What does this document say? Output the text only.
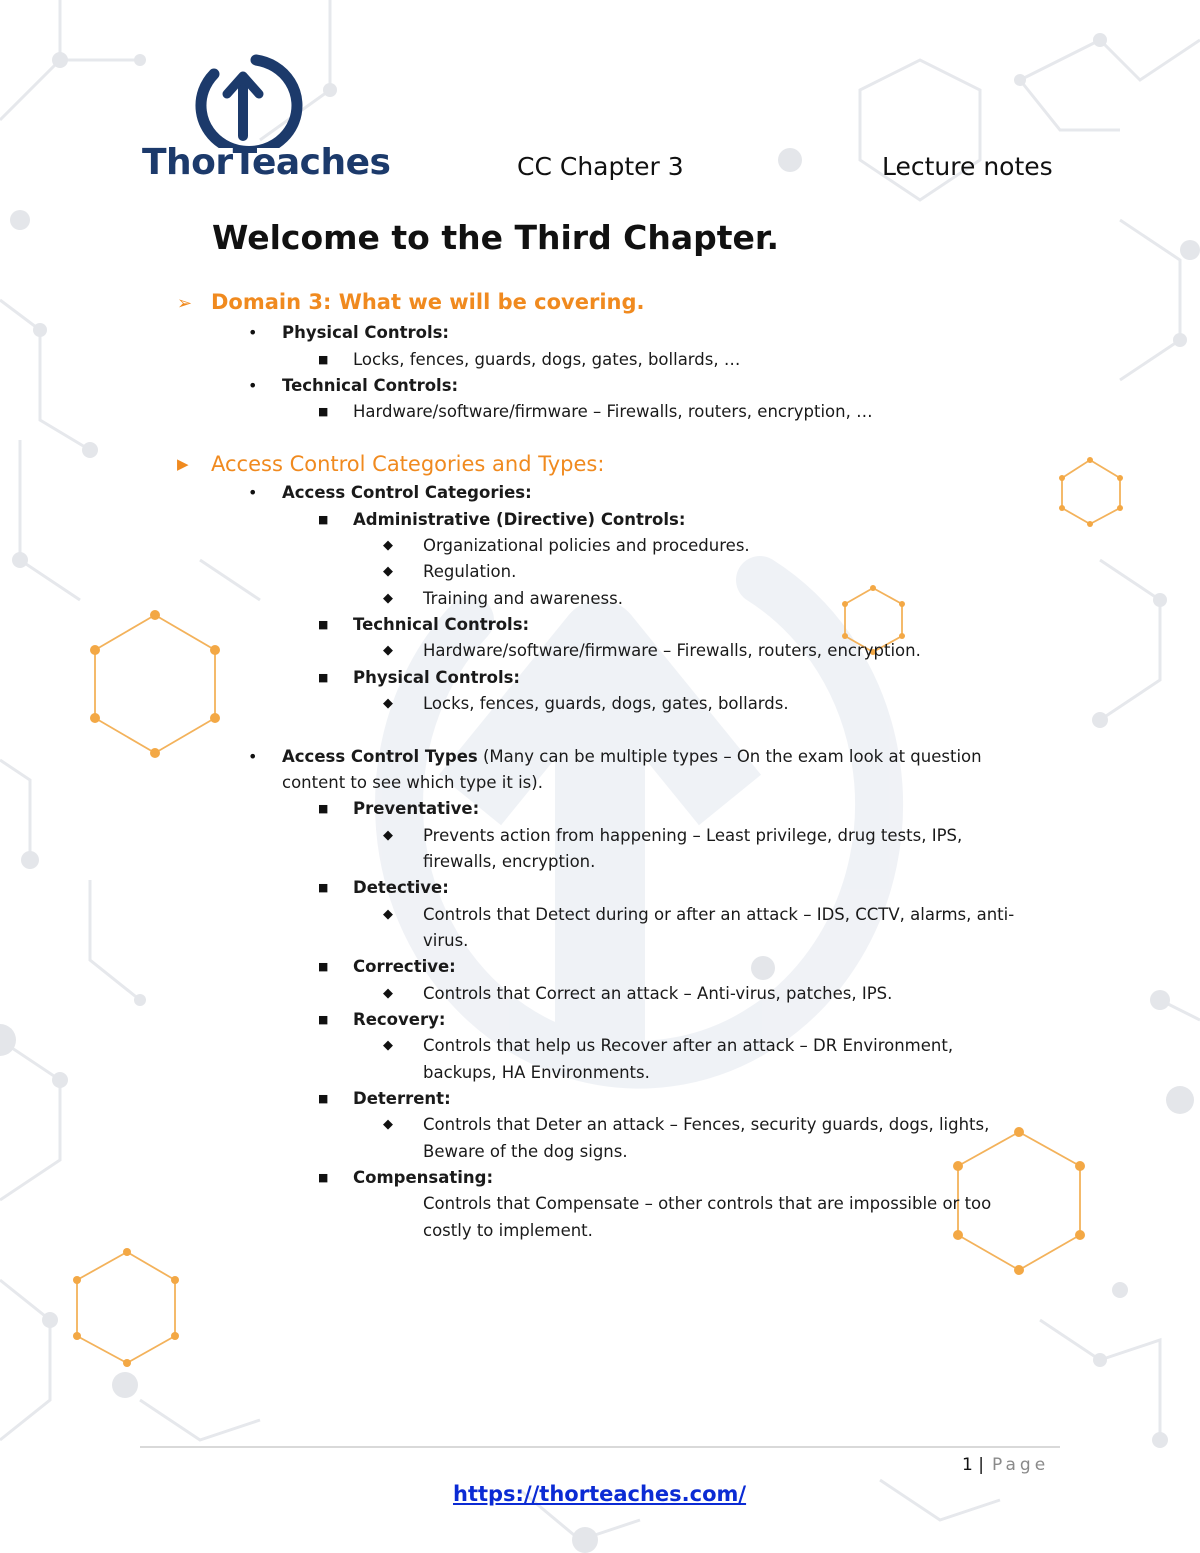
ThorTeaches	CC Chapter 3	Lecture notes
Welcome to the Third Chapter.
➢ Domain 3: What we will be covering.
• Physical Controls:
■ Locks, fences, guards, dogs, gates, bollards, …
• Technical Controls:
■ Hardware/software/firmware – Firewalls, routers, encryption, …
▶ Access Control Categories and Types:
• Access Control Categories:
■ Administrative (Directive) Controls:
◆ Organizational policies and procedures.
◆ Regulation.
◆ Training and awareness.
■ Technical Controls:
◆ Hardware/software/firmware – Firewalls, routers, encryption.
■ Physical Controls:
◆ Locks, fences, guards, dogs, gates, bollards.
• Access Control Types (Many can be multiple types – On the exam look at question
content to see which type it is).
■ Preventative:
◆ Prevents action from happening – Least privilege, drug tests, IPS,
firewalls, encryption.
■ Detective:
◆ Controls that Detect during or after an attack – IDS, CCTV, alarms, anti-
virus.
■ Corrective:
◆ Controls that Correct an attack – Anti-virus, patches, IPS.
■ Recovery:
◆ Controls that help us Recover after an attack – DR Environment,
backups, HA Environments.
■ Deterrent:
◆ Controls that Deter an attack – Fences, security guards, dogs, lights,
Beware of the dog signs.
■ Compensating:
Controls that Compensate – other controls that are impossible or too
costly to implement.
1 | Page
https://thorteaches.com/
